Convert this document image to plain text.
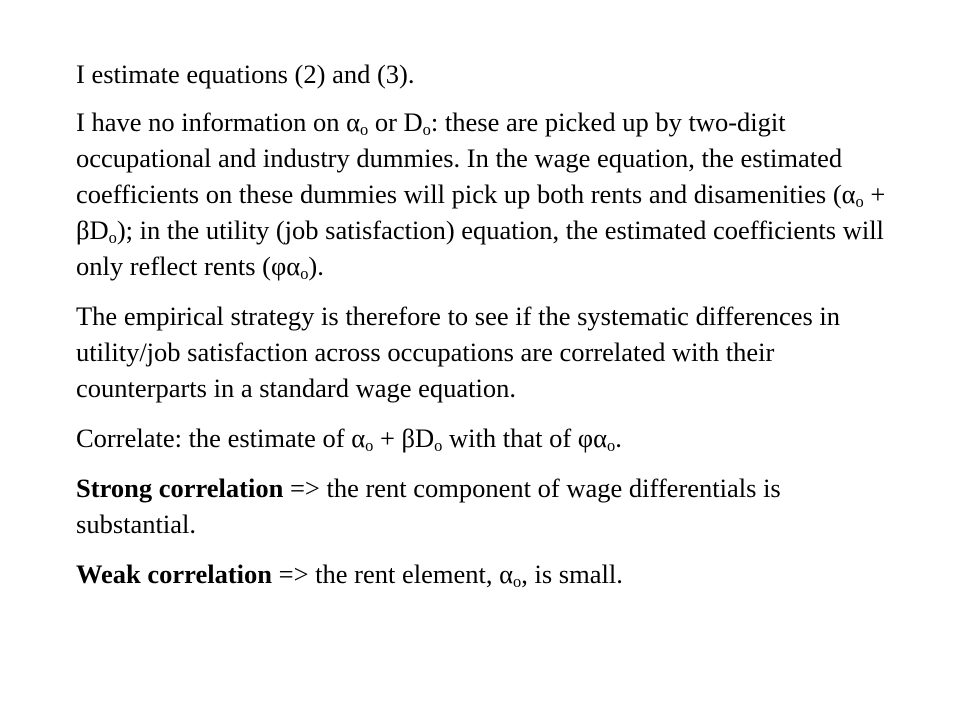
I estimate equations (2) and (3).

I have no information on $\alpha_o$ or $D_o$: these are picked up by two-digit occupational and industry dummies. In the wage equation, the estimated coefficients on these dummies will pick up both rents and disamenities $(\alpha_o + \beta D_o)$; in the utility (job satisfaction) equation, the estimated coefficients will only reflect rents $(\varphi\alpha_o)$.

The empirical strategy is therefore to see if the systematic differences in utility/job satisfaction across occupations are correlated with their counterparts in a standard wage equation.

Correlate: the estimate of $\alpha_o + \beta D_o$ with that of $\varphi\alpha_o$.

Strong correlation => the rent component of wage differentials is substantial.

Weak correlation => the rent element, $\alpha_o$, is small.
